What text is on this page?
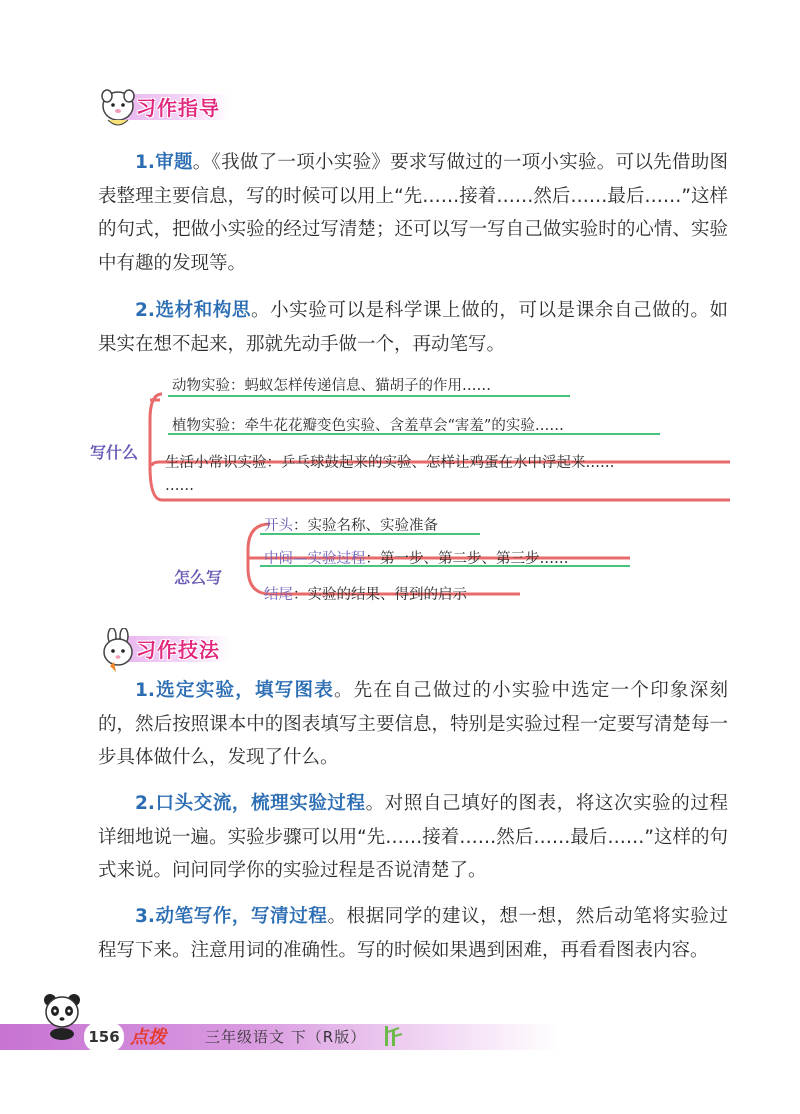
习作指导
1.审题。《我做了一项小实验》要求写做过的一项小实验。可以先借助图表整理主要信息，写的时候可以用上“先……接着……然后……最后……”这样的句式，把做小实验的经过写清楚；还可以写一写自己做实验时的心情、实验中有趣的发现等。
2.选材和构思。小实验可以是科学课上做的，可以是课余自己做的。如果实在想不起来，那就先动手做一个，再动笔写。
写什么
动物实验：蚂蚁怎样传递信息、猫胡子的作用……
植物实验：牵牛花花瓣变色实验、含羞草会“害羞”的实验……
生活小常识实验：乒乓球鼓起来的实验、怎样让鸡蛋在水中浮起来……
……
怎么写
开头：实验名称、实验准备
中间—实验过程：第一步、第二步、第三步……
结尾：实验的结果、得到的启示
习作技法
1.选定实验，填写图表。先在自己做过的小实验中选定一个印象深刻的，然后按照课本中的图表填写主要信息，特别是实验过程一定要写清楚每一步具体做什么，发现了什么。
2.口头交流，梳理实验过程。对照自己填好的图表，将这次实验的过程详细地说一遍。实验步骤可以用“先……接着……然后……最后……”这样的句式来说。问问同学你的实验过程是否说清楚了。
3.动笔写作，写清过程。根据同学的建议，想一想，然后动笔将实验过程写下来。注意用词的准确性。写的时候如果遇到困难，再看看图表内容。
156 点拨	三年级语文 下（R版）
